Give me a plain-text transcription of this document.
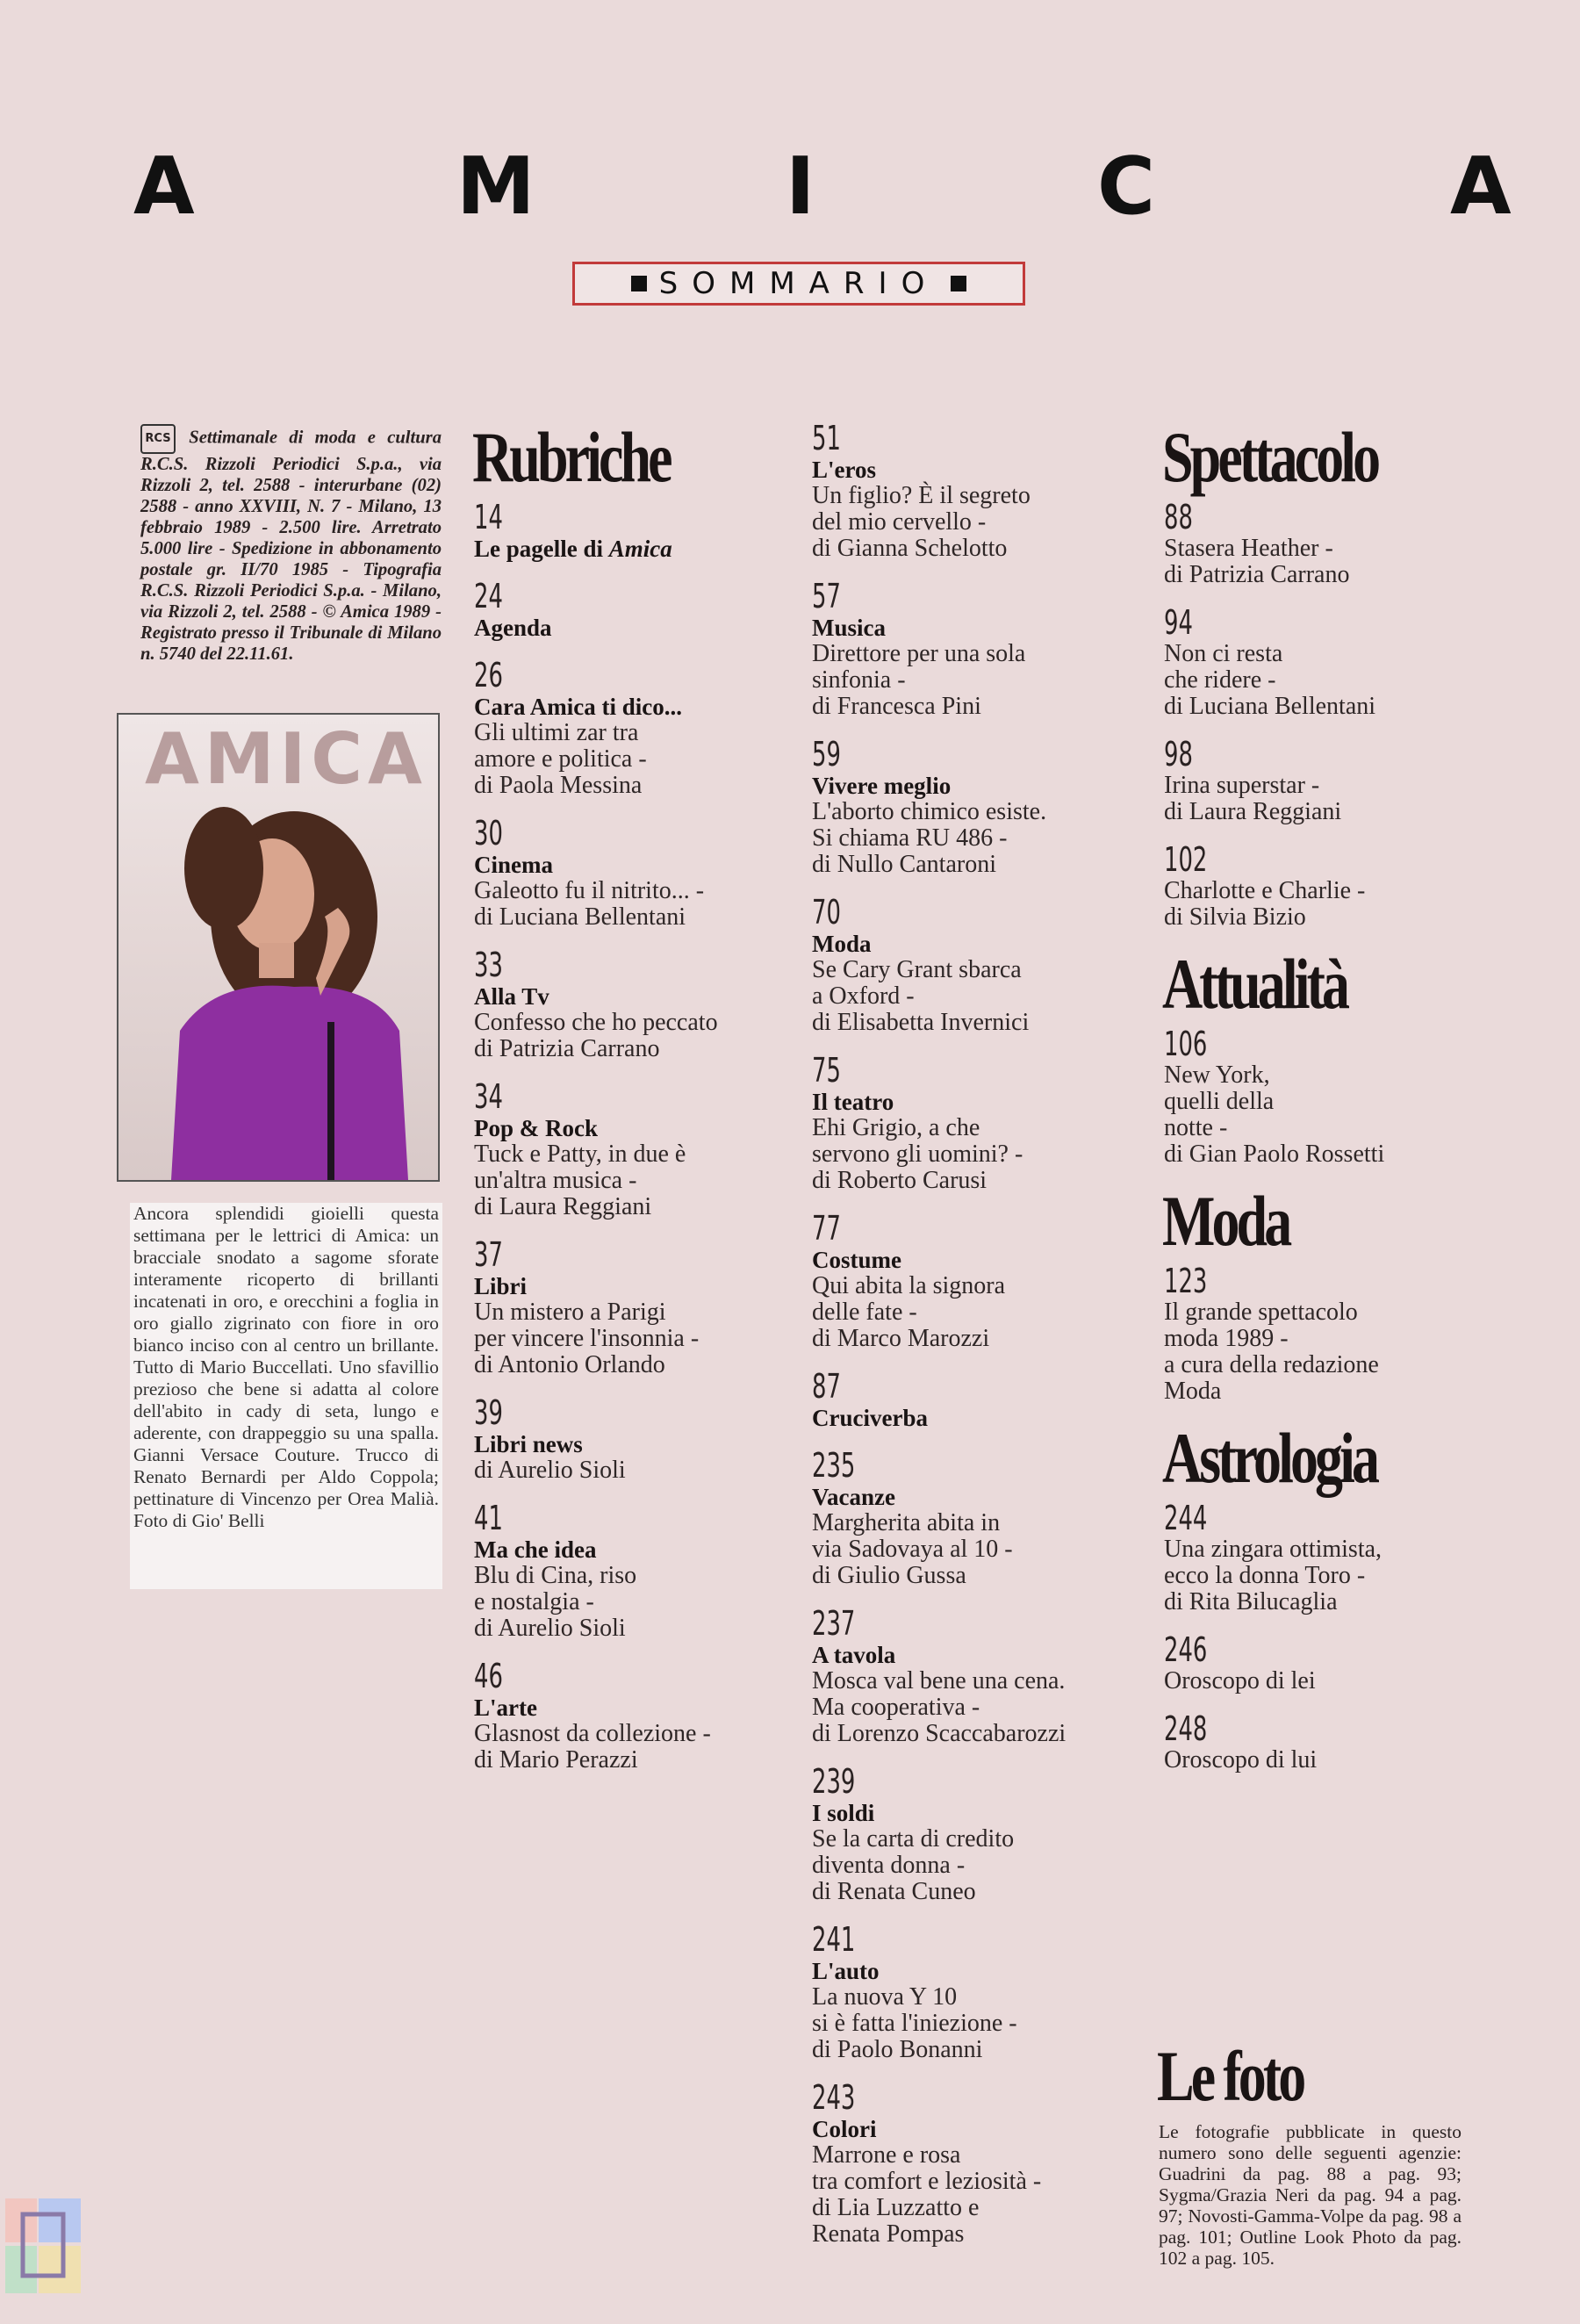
A	M	I	C	A
SOMMARIO
RCS Settimanale di moda e cultura R.C.S. Rizzoli Periodici S.p.a., via Rizzoli 2, tel. 2588 - interurbane (02) 2588 - anno XXVIII, N. 7 - Milano, 13 febbraio 1989 - 2.500 lire. Arretrato 5.000 lire - Spedizione in abbonamento postale gr. II/70 1985 - Tipografia R.C.S. Rizzoli Periodici S.p.a. - Milano, via Rizzoli 2, tel. 2588 - © Amica 1989 - Registrato presso il Tribunale di Milano n. 5740 del 22.11.61.
AMICA
Ancora splendidi gioielli questa settimana per le lettrici di Amica: un bracciale snodato a sagome sforate interamente ricoperto di brillanti incatenati in oro, e orecchini a foglia in oro giallo zigrinato con fiore in oro bianco inciso con al centro un brillante. Tutto di Mario Buccellati. Uno sfavillio prezioso che bene si adatta al colore dell'abito in cady di seta, lungo e aderente, con drappeggio su una spalla. Gianni Versace Couture. Trucco di Renato Bernardi per Aldo Coppola; pettinature di Vincenzo per Orea Malià. Foto di Gio' Belli
Rubriche
14
Le pagelle di Amica
24
Agenda
26
Cara Amica ti dico...
Gli ultimi zar tra
amore e politica -
di Paola Messina
30
Cinema
Galeotto fu il nitrito... -
di Luciana Bellentani
33
Alla Tv
Confesso che ho peccato
di Patrizia Carrano
34
Pop & Rock
Tuck e Patty, in due è
un'altra musica -
di Laura Reggiani
37
Libri
Un mistero a Parigi
per vincere l'insonnia -
di Antonio Orlando
39
Libri news
di Aurelio Sioli
41
Ma che idea
Blu di Cina, riso
e nostalgia -
di Aurelio Sioli
46
L'arte
Glasnost da collezione -
di Mario Perazzi
51
L'eros
Un figlio? È il segreto
del mio cervello -
di Gianna Schelotto
57
Musica
Direttore per una sola
sinfonia -
di Francesca Pini
59
Vivere meglio
L'aborto chimico esiste.
Si chiama RU 486 -
di Nullo Cantaroni
70
Moda
Se Cary Grant sbarca
a Oxford -
di Elisabetta Invernici
75
Il teatro
Ehi Grigio, a che
servono gli uomini? -
di Roberto Carusi
77
Costume
Qui abita la signora
delle fate -
di Marco Marozzi
87
Cruciverba
235
Vacanze
Margherita abita in
via Sadovaya al 10 -
di Giulio Gussa
237
A tavola
Mosca val bene una cena.
Ma cooperativa -
di Lorenzo Scaccabarozzi
239
I soldi
Se la carta di credito
diventa donna -
di Renata Cuneo
241
L'auto
La nuova Y 10
si è fatta l'iniezione -
di Paolo Bonanni
243
Colori
Marrone e rosa
tra comfort e leziosità -
di Lia Luzzatto e
Renata Pompas
Spettacolo
88
Stasera Heather -
di Patrizia Carrano
94
Non ci resta
che ridere -
di Luciana Bellentani
98
Irina superstar -
di Laura Reggiani
102
Charlotte e Charlie -
di Silvia Bizio
Attualità
106
New York,
quelli della
notte -
di Gian Paolo Rossetti
Moda
123
Il grande spettacolo
moda 1989 -
a cura della redazione
Moda
Astrologia
244
Una zingara ottimista,
ecco la donna Toro -
di Rita Bilucaglia
246
Oroscopo di lei
248
Oroscopo di lui
Le foto
Le fotografie pubblicate in questo numero sono delle seguenti agenzie: Guadrini da pag. 88 a pag. 93; Sygma/Grazia Neri da pag. 94 a pag. 97; Novosti-Gamma-Volpe da pag. 98 a pag. 101; Outline Look Photo da pag. 102 a pag. 105.
